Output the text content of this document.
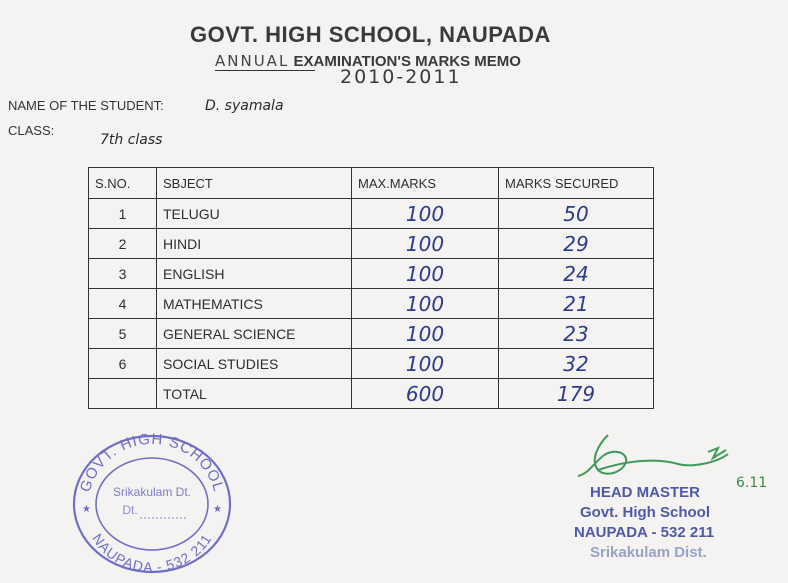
GOVT. HIGH SCHOOL, NAUPADA
ANNUAL EXAMINATION'S MARKS MEMO
2010-2011
NAME OF THE STUDENT:	D. syamala
CLASS:
7th class
S.NO.	SBJECT	MAX.MARKS	MARKS SECURED
1	TELUGU	100	50
2	HINDI	100	29
3	ENGLISH	100	24
4	MATHEMATICS	100	21
5	GENERAL SCIENCE	100	23
6	SOCIAL STUDIES	100	32
	TOTAL	600	179
GOVT. HIGH SCHOOL
NAUPADA - 532 211
Srikakulam Dt.
Dt.
★	★
6.11
HEAD MASTER
Govt. High School
NAUPADA - 532 211
Srikakulam Dist.
